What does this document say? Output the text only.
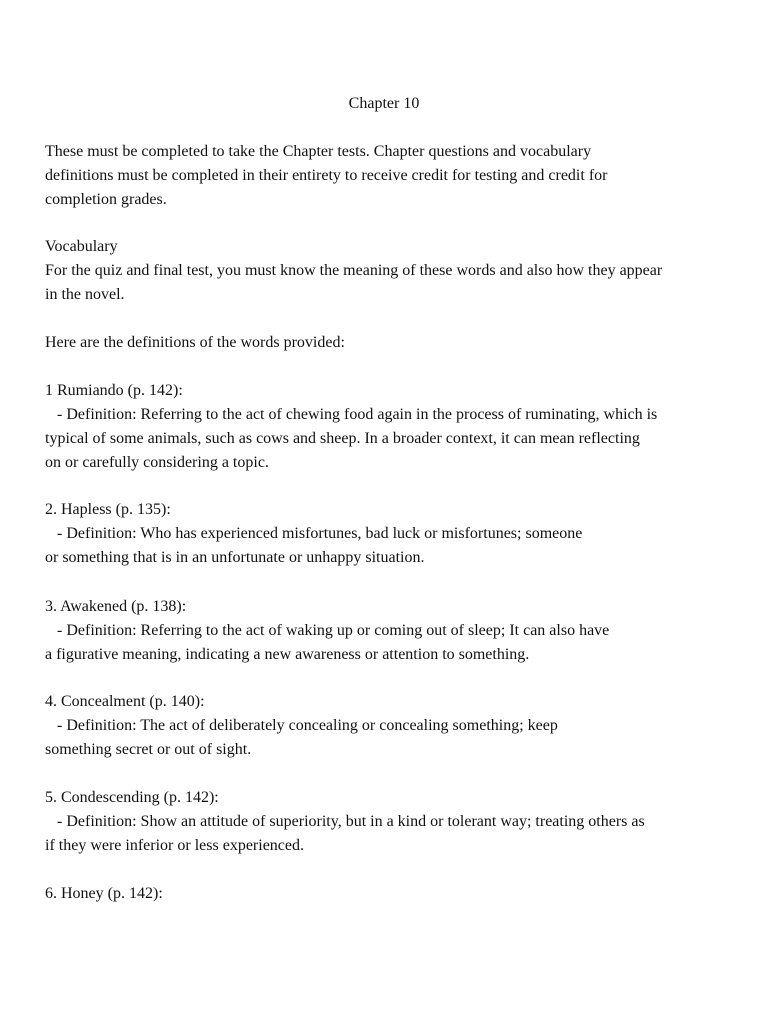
Chapter 10
These must be completed to take the Chapter tests. Chapter questions and vocabulary
definitions must be completed in their entirety to receive credit for testing and credit for
completion grades.
Vocabulary
For the quiz and final test, you must know the meaning of these words and also how they appear
in the novel.
Here are the definitions of the words provided:
1 Rumiando (p. 142):
- Definition: Referring to the act of chewing food again in the process of ruminating, which is
typical of some animals, such as cows and sheep. In a broader context, it can mean reflecting
on or carefully considering a topic.
2. Hapless (p. 135):
- Definition: Who has experienced misfortunes, bad luck or misfortunes; someone
or something that is in an unfortunate or unhappy situation.
3. Awakened (p. 138):
- Definition: Referring to the act of waking up or coming out of sleep; It can also have
a figurative meaning, indicating a new awareness or attention to something.
4. Concealment (p. 140):
- Definition: The act of deliberately concealing or concealing something; keep
something secret or out of sight.
5. Condescending (p. 142):
- Definition: Show an attitude of superiority, but in a kind or tolerant way; treating others as
if they were inferior or less experienced.
6. Honey (p. 142):
